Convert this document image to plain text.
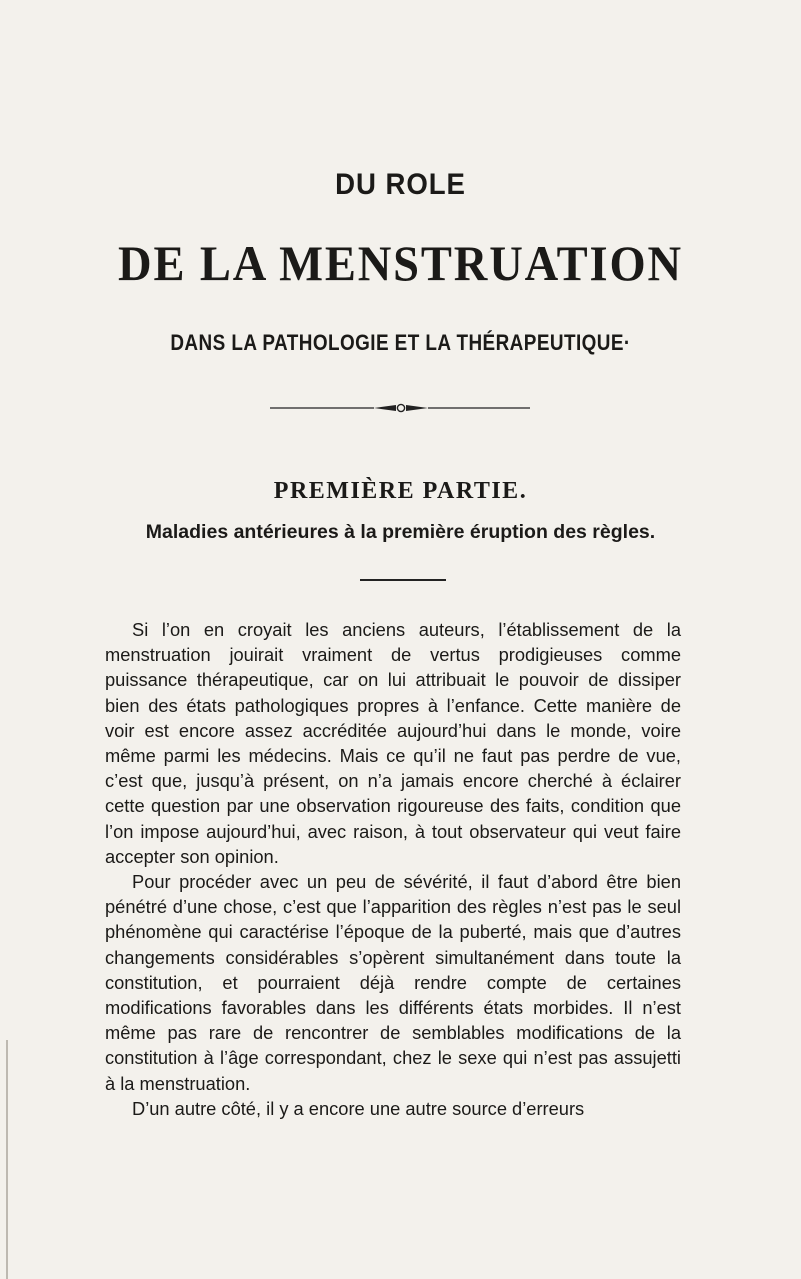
DU ROLE
DE LA MENSTRUATION
DANS LA PATHOLOGIE ET LA THÉRAPEUTIQUE·
PREMIÈRE PARTIE.
Maladies antérieures à la première éruption des règles.

Si l’on en croyait les anciens auteurs, l’établissement de la menstruation jouirait vraiment de vertus prodigieuses comme puissance thérapeutique, car on lui attribuait le pouvoir de dissiper bien des états pathologiques propres à l’enfance. Cette manière de voir est encore assez accréditée aujourd’hui dans le monde, voire même parmi les médecins. Mais ce qu’il ne faut pas perdre de vue, c’est que, jusqu’à présent, on n’a jamais encore cherché à éclairer cette question par une observation rigoureuse des faits, condition que l’on impose aujourd’hui, avec raison, à tout observateur qui veut faire accepter son opinion.

Pour procéder avec un peu de sévérité, il faut d’abord être bien pénétré d’une chose, c’est que l’apparition des règles n’est pas le seul phénomène qui caractérise l’époque de la puberté, mais que d’autres changements considérables s’opèrent simultanément dans toute la constitution, et pourraient déjà rendre compte de certaines modifications favorables dans les différents états morbides. Il n’est même pas rare de rencontrer de semblables modifications de la constitution à l’âge correspondant, chez le sexe qui n’est pas assujetti à la menstruation.

D’un autre côté, il y a encore une autre source d’erreurs
